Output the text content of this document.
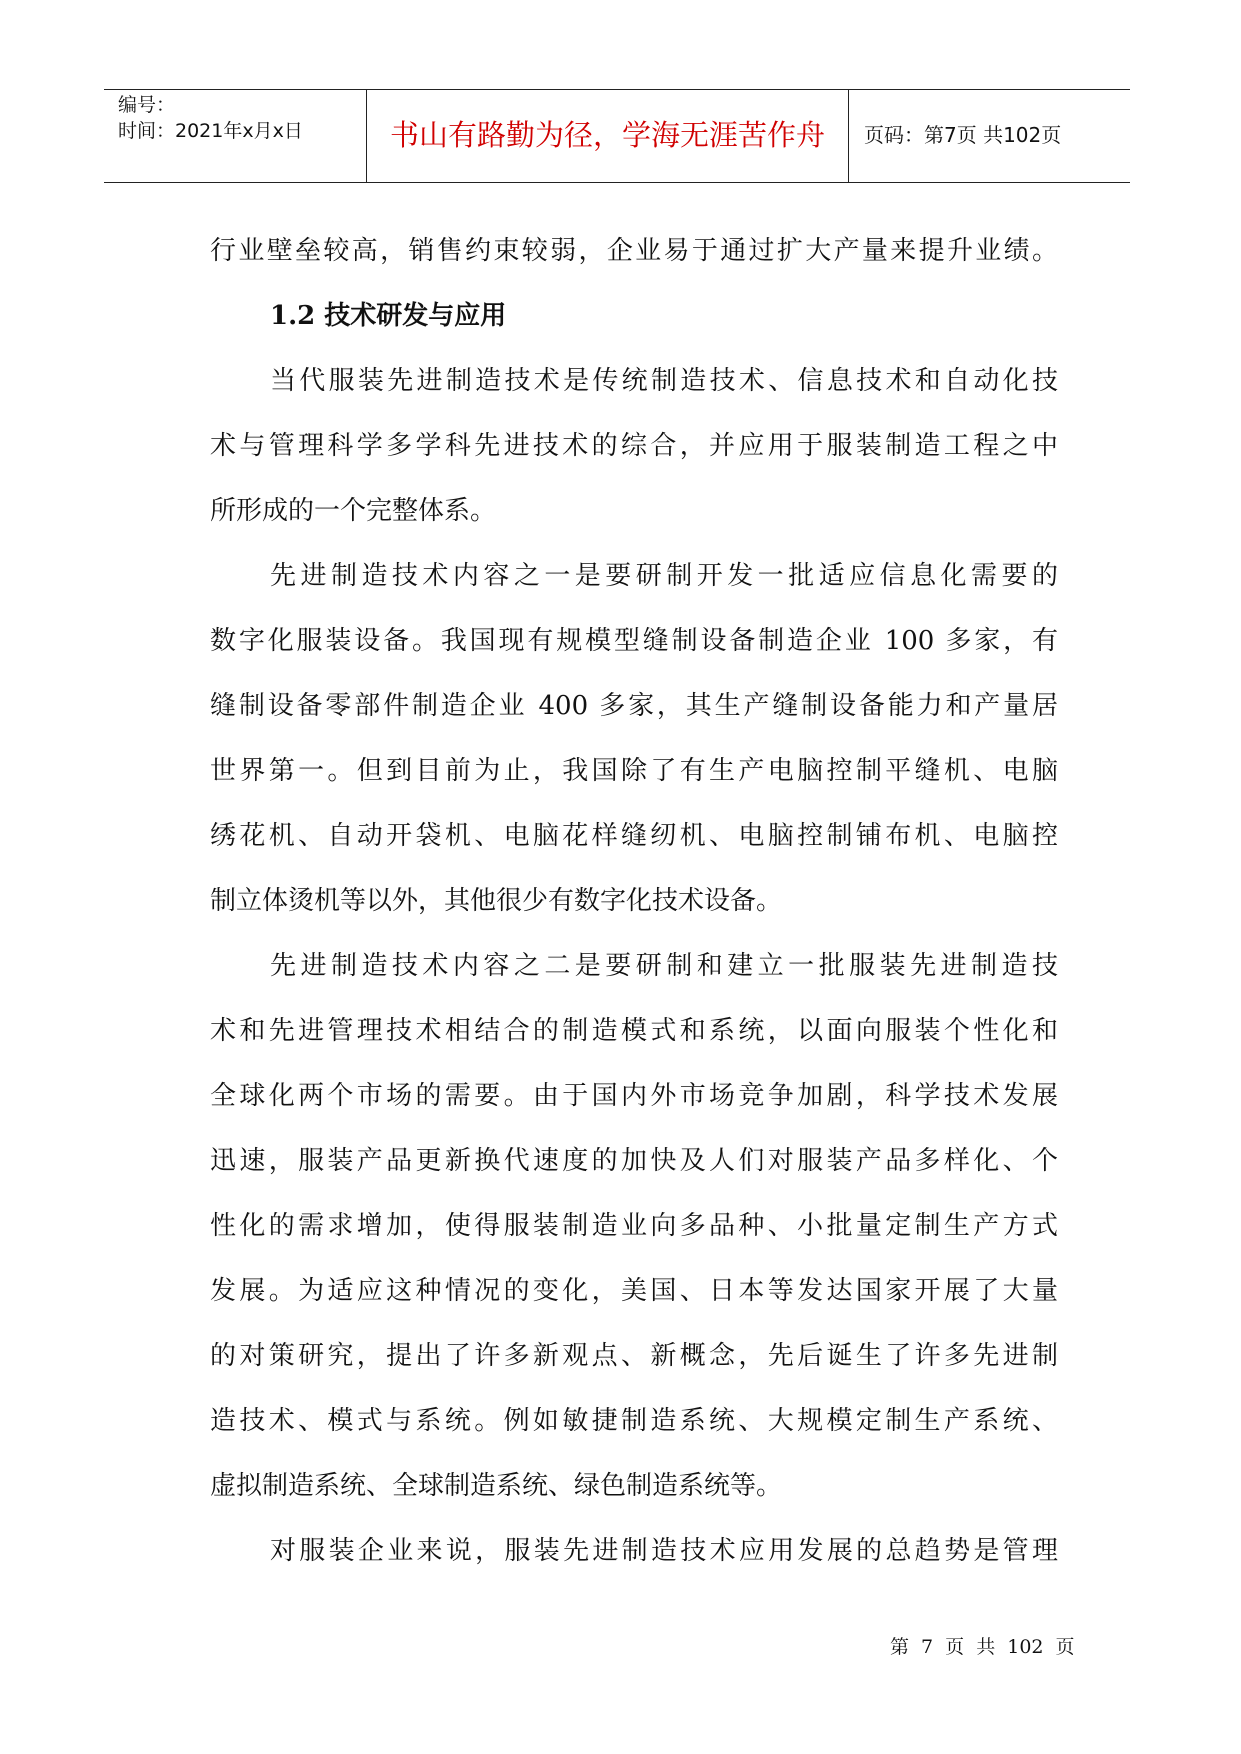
编号：
时间：2021年x月x日	书山有路勤为径，学海无涯苦作舟	页码：第7页 共102页
行业壁垒较高，销售约束较弱，企业易于通过扩大产量来提升业绩。
1.2 技术研发与应用
当代服装先进制造技术是传统制造技术、信息技术和自动化技
术与管理科学多学科先进技术的综合，并应用于服装制造工程之中
所形成的一个完整体系。
先进制造技术内容之一是要研制开发一批适应信息化需要的
数字化服装设备。我国现有规模型缝制设备制造企业 100 多家，有
缝制设备零部件制造企业 400 多家，其生产缝制设备能力和产量居
世界第一。但到目前为止，我国除了有生产电脑控制平缝机、电脑
绣花机、自动开袋机、电脑花样缝纫机、电脑控制铺布机、电脑控
制立体烫机等以外，其他很少有数字化技术设备。
先进制造技术内容之二是要研制和建立一批服装先进制造技
术和先进管理技术相结合的制造模式和系统，以面向服装个性化和
全球化两个市场的需要。由于国内外市场竞争加剧，科学技术发展
迅速，服装产品更新换代速度的加快及人们对服装产品多样化、个
性化的需求增加，使得服装制造业向多品种、小批量定制生产方式
发展。为适应这种情况的变化，美国、日本等发达国家开展了大量
的对策研究，提出了许多新观点、新概念，先后诞生了许多先进制
造技术、模式与系统。例如敏捷制造系统、大规模定制生产系统、
虚拟制造系统、全球制造系统、绿色制造系统等。
对服装企业来说，服装先进制造技术应用发展的总趋势是管理
第 7 页 共 102 页
